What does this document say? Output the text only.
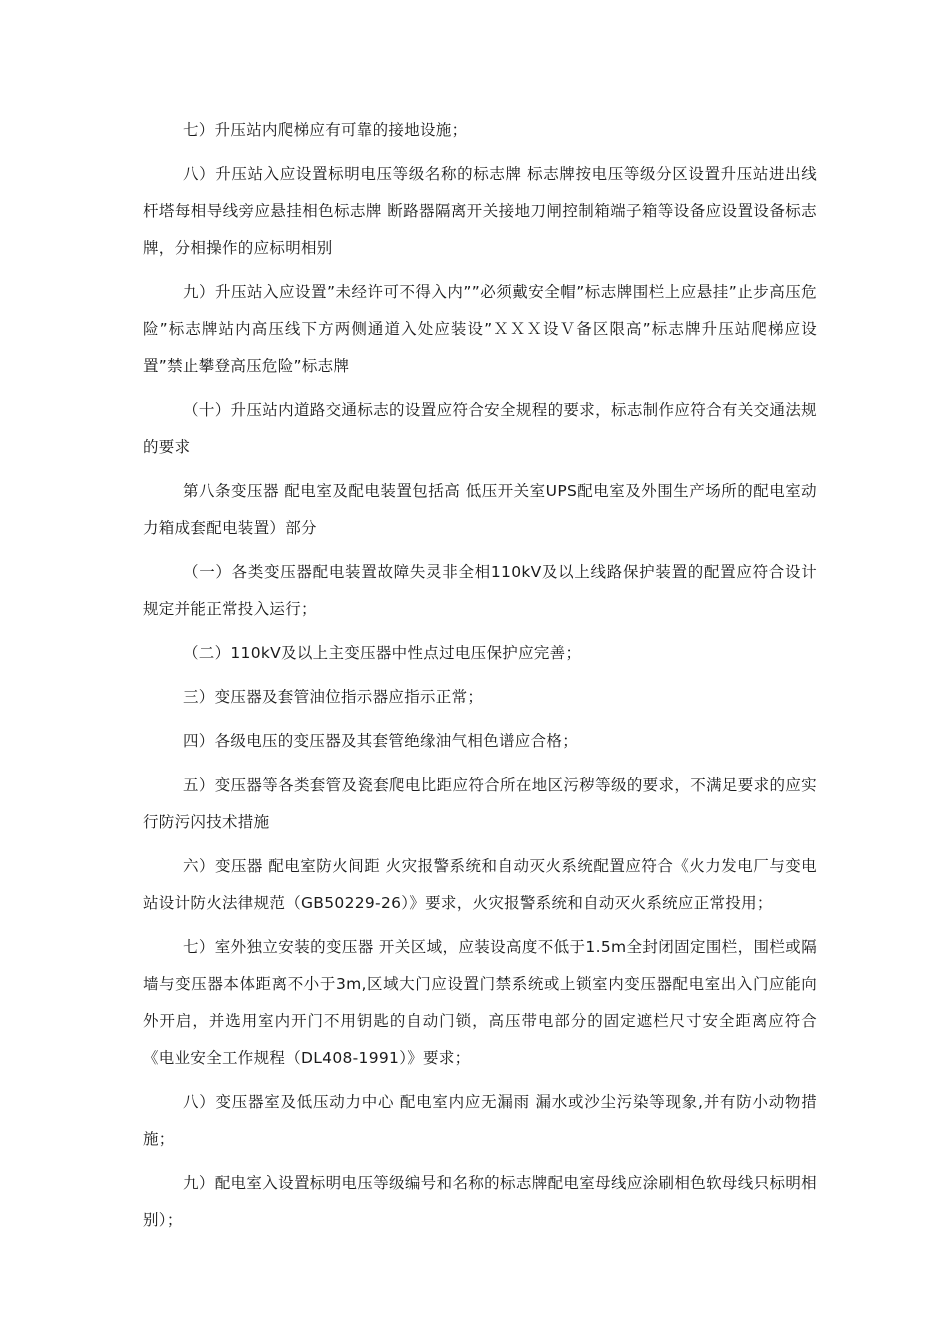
七）升压站内爬梯应有可靠的接地设施；

八）升压站入应设置标明电压等级名称的标志牌 标志牌按电压等级分区设置升压站进出线杆塔每相导线旁应悬挂相色标志牌 断路器隔离开关接地刀闸控制箱端子箱等设备应设置设备标志牌，分相操作的应标明相别

九）升压站入应设置”未经许可不得入内””必须戴安全帽”标志牌围栏上应悬挂”止步高压危险”标志牌站内高压线下方两侧通道入处应装设”ＸＸＸ设Ｖ备区限高”标志牌升压站爬梯应设置”禁止攀登高压危险”标志牌

（十）升压站内道路交通标志的设置应符合安全规程的要求，标志制作应符合有关交通法规的要求

第八条变压器 配电室及配电装置包括高 低压开关室UPS配电室及外围生产场所的配电室动力箱成套配电装置）部分

（一）各类变压器配电装置故障失灵非全相110kV及以上线路保护装置的配置应符合设计规定并能正常投入运行；

（二）110kV及以上主变压器中性点过电压保护应完善；

三）变压器及套管油位指示器应指示正常；

四）各级电压的变压器及其套管绝缘油气相色谱应合格；

五）变压器等各类套管及瓷套爬电比距应符合所在地区污秽等级的要求，不满足要求的应实行防污闪技术措施

六）变压器 配电室防火间距 火灾报警系统和自动灭火系统配置应符合《火力发电厂与变电站设计防火法律规范（GB50229-26）》要求，火灾报警系统和自动灭火系统应正常投用；

七）室外独立安装的变压器 开关区域，应装设高度不低于1.5m全封闭固定围栏，围栏或隔墙与变压器本体距离不小于3m,区域大门应设置门禁系统或上锁室内变压器配电室出入门应能向外开启，并选用室内开门不用钥匙的自动门锁，高压带电部分的固定遮栏尺寸安全距离应符合《电业安全工作规程（DL408-1991）》要求；

八）变压器室及低压动力中心 配电室内应无漏雨 漏水或沙尘污染等现象,并有防小动物措施；

九）配电室入设置标明电压等级编号和名称的标志牌配电室母线应涂刷相色软母线只标明相别）；
